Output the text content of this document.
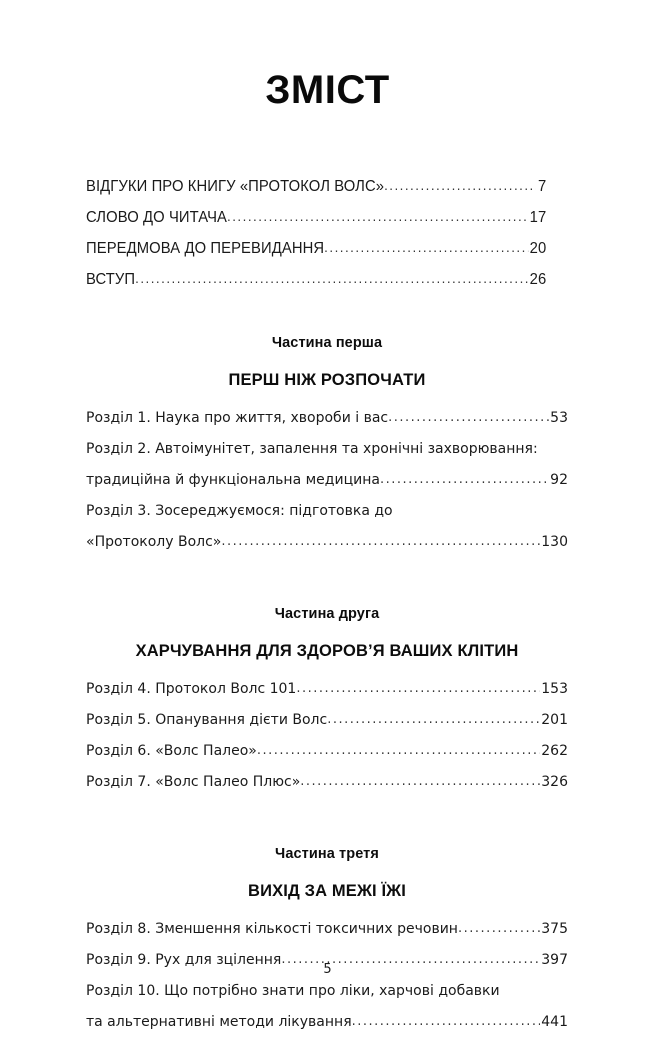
ЗМІСТ
ВІДГУКИ ПРО КНИГУ «ПРОТОКОЛ ВОЛС» .....	7
СЛОВО ДО ЧИТАЧА .....	17
ПЕРЕДМОВА ДО ПЕРЕВИДАННЯ .....	20
ВСТУП .....	26
Частина перша
ПЕРШ НІЖ РОЗПОЧАТИ
Розділ 1. Наука про життя, хвороби і вас .....	53
Розділ 2. Автоімунітет, запалення та хронічні захворювання:
традиційна й функціональна медицина .....	92
Розділ 3. Зосереджуємося: підготовка до
«Протоколу Волс» .....	130
Частина друга
ХАРЧУВАННЯ ДЛЯ ЗДОРОВ’Я ВАШИХ КЛІТИН
Розділ 4. Протокол Волс 101 .....	153
Розділ 5. Опанування дієти Волс .....	201
Розділ 6. «Волс Палео» .....	262
Розділ 7. «Волс Палео Плюс» .....	326
Частина третя
ВИХІД ЗА МЕЖІ ЇЖІ
Розділ 8. Зменшення кількості токсичних речовин .....	375
Розділ 9. Рух для зцілення .....	397
Розділ 10. Що потрібно знати про ліки, харчові добавки
та альтернативні методи лікування .....	441
5
